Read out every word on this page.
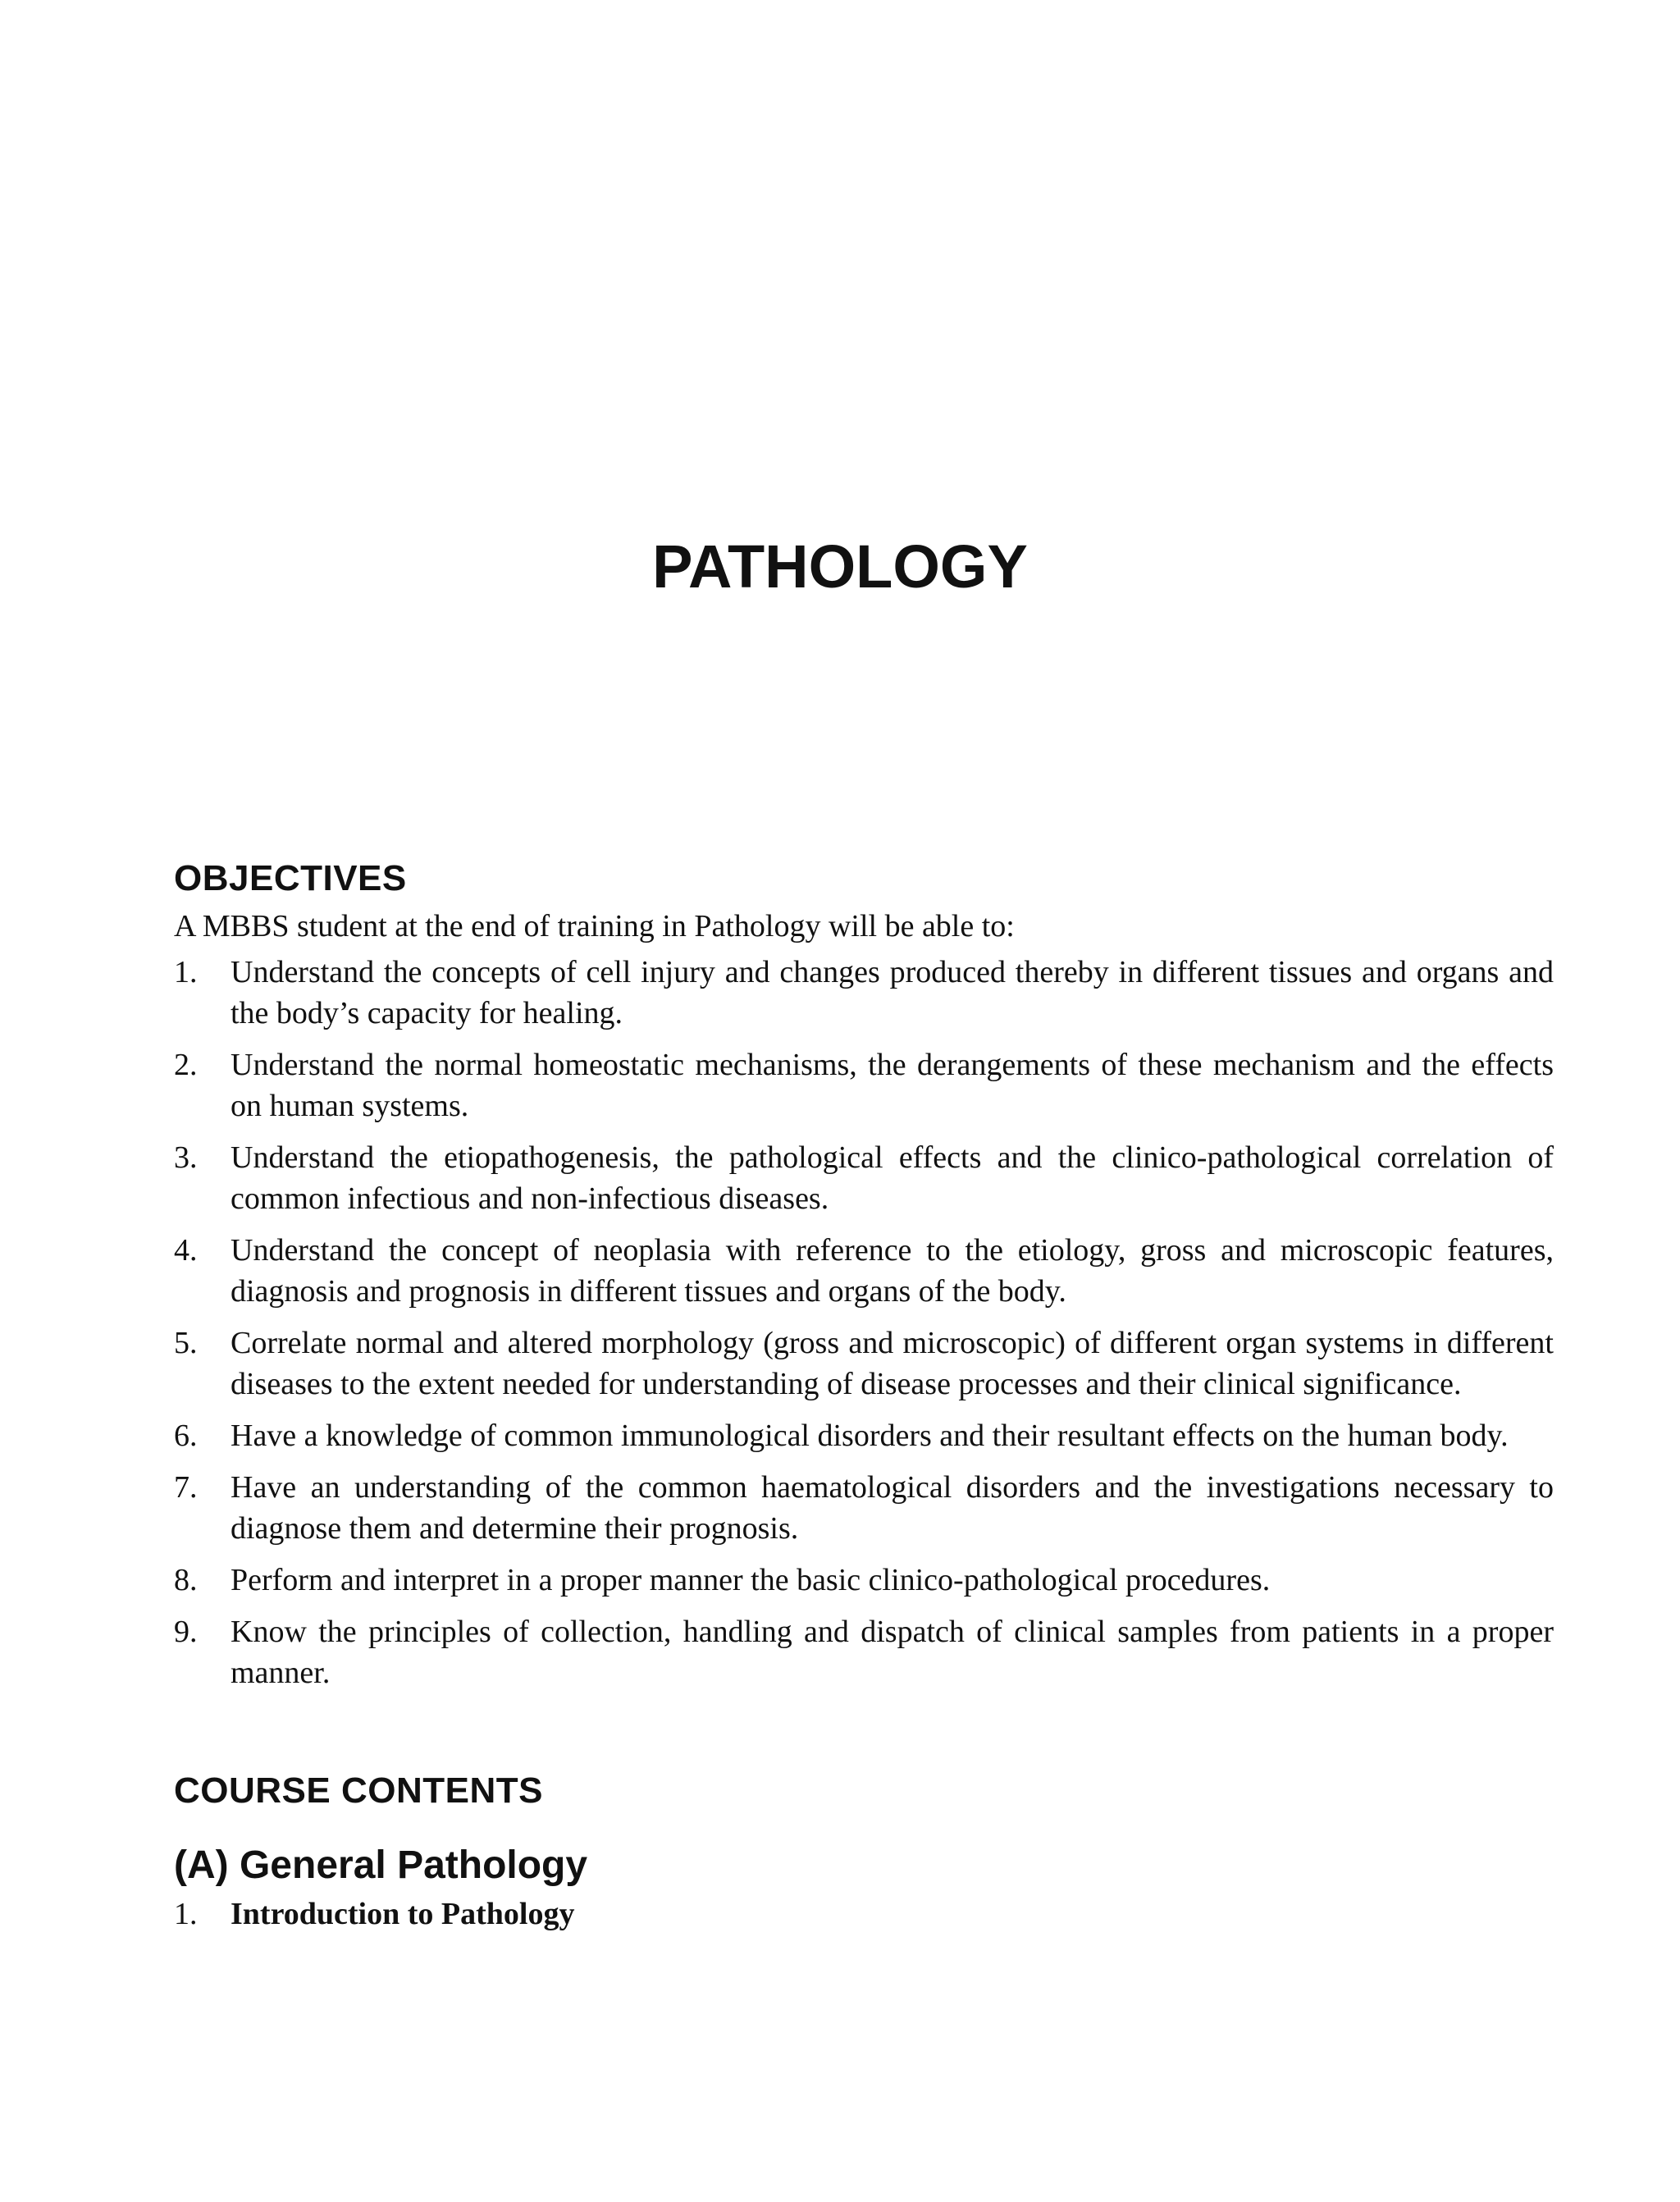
PATHOLOGY
OBJECTIVES

A MBBS student at the end of training in Pathology will be able to:

1. Understand the concepts of cell injury and changes produced thereby in different tissues and organs and the body’s capacity for healing.
2. Understand the normal homeostatic mechanisms, the derangements of these mechanism and the effects on human systems.
3. Understand the etiopathogenesis, the pathological effects and the clinico-pathological correlation of common infectious and non-infectious diseases.
4. Understand the concept of neoplasia with reference to the etiology, gross and microscopic features, diagnosis and prognosis in different tissues and organs of the body.
5. Correlate normal and altered morphology (gross and microscopic) of different organ systems in different diseases to the extent needed for understanding of disease processes and their clinical significance.
6. Have a knowledge of common immunological disorders and their resultant effects on the human body.
7. Have an understanding of the common haematological disorders and the investigations necessary to diagnose them and determine their prognosis.
8. Perform and interpret in a proper manner the basic clinico-pathological procedures.
9. Know the principles of collection, handling and dispatch of clinical samples from patients in a proper manner.
COURSE CONTENTS
(A) General Pathology
1. Introduction to Pathology
